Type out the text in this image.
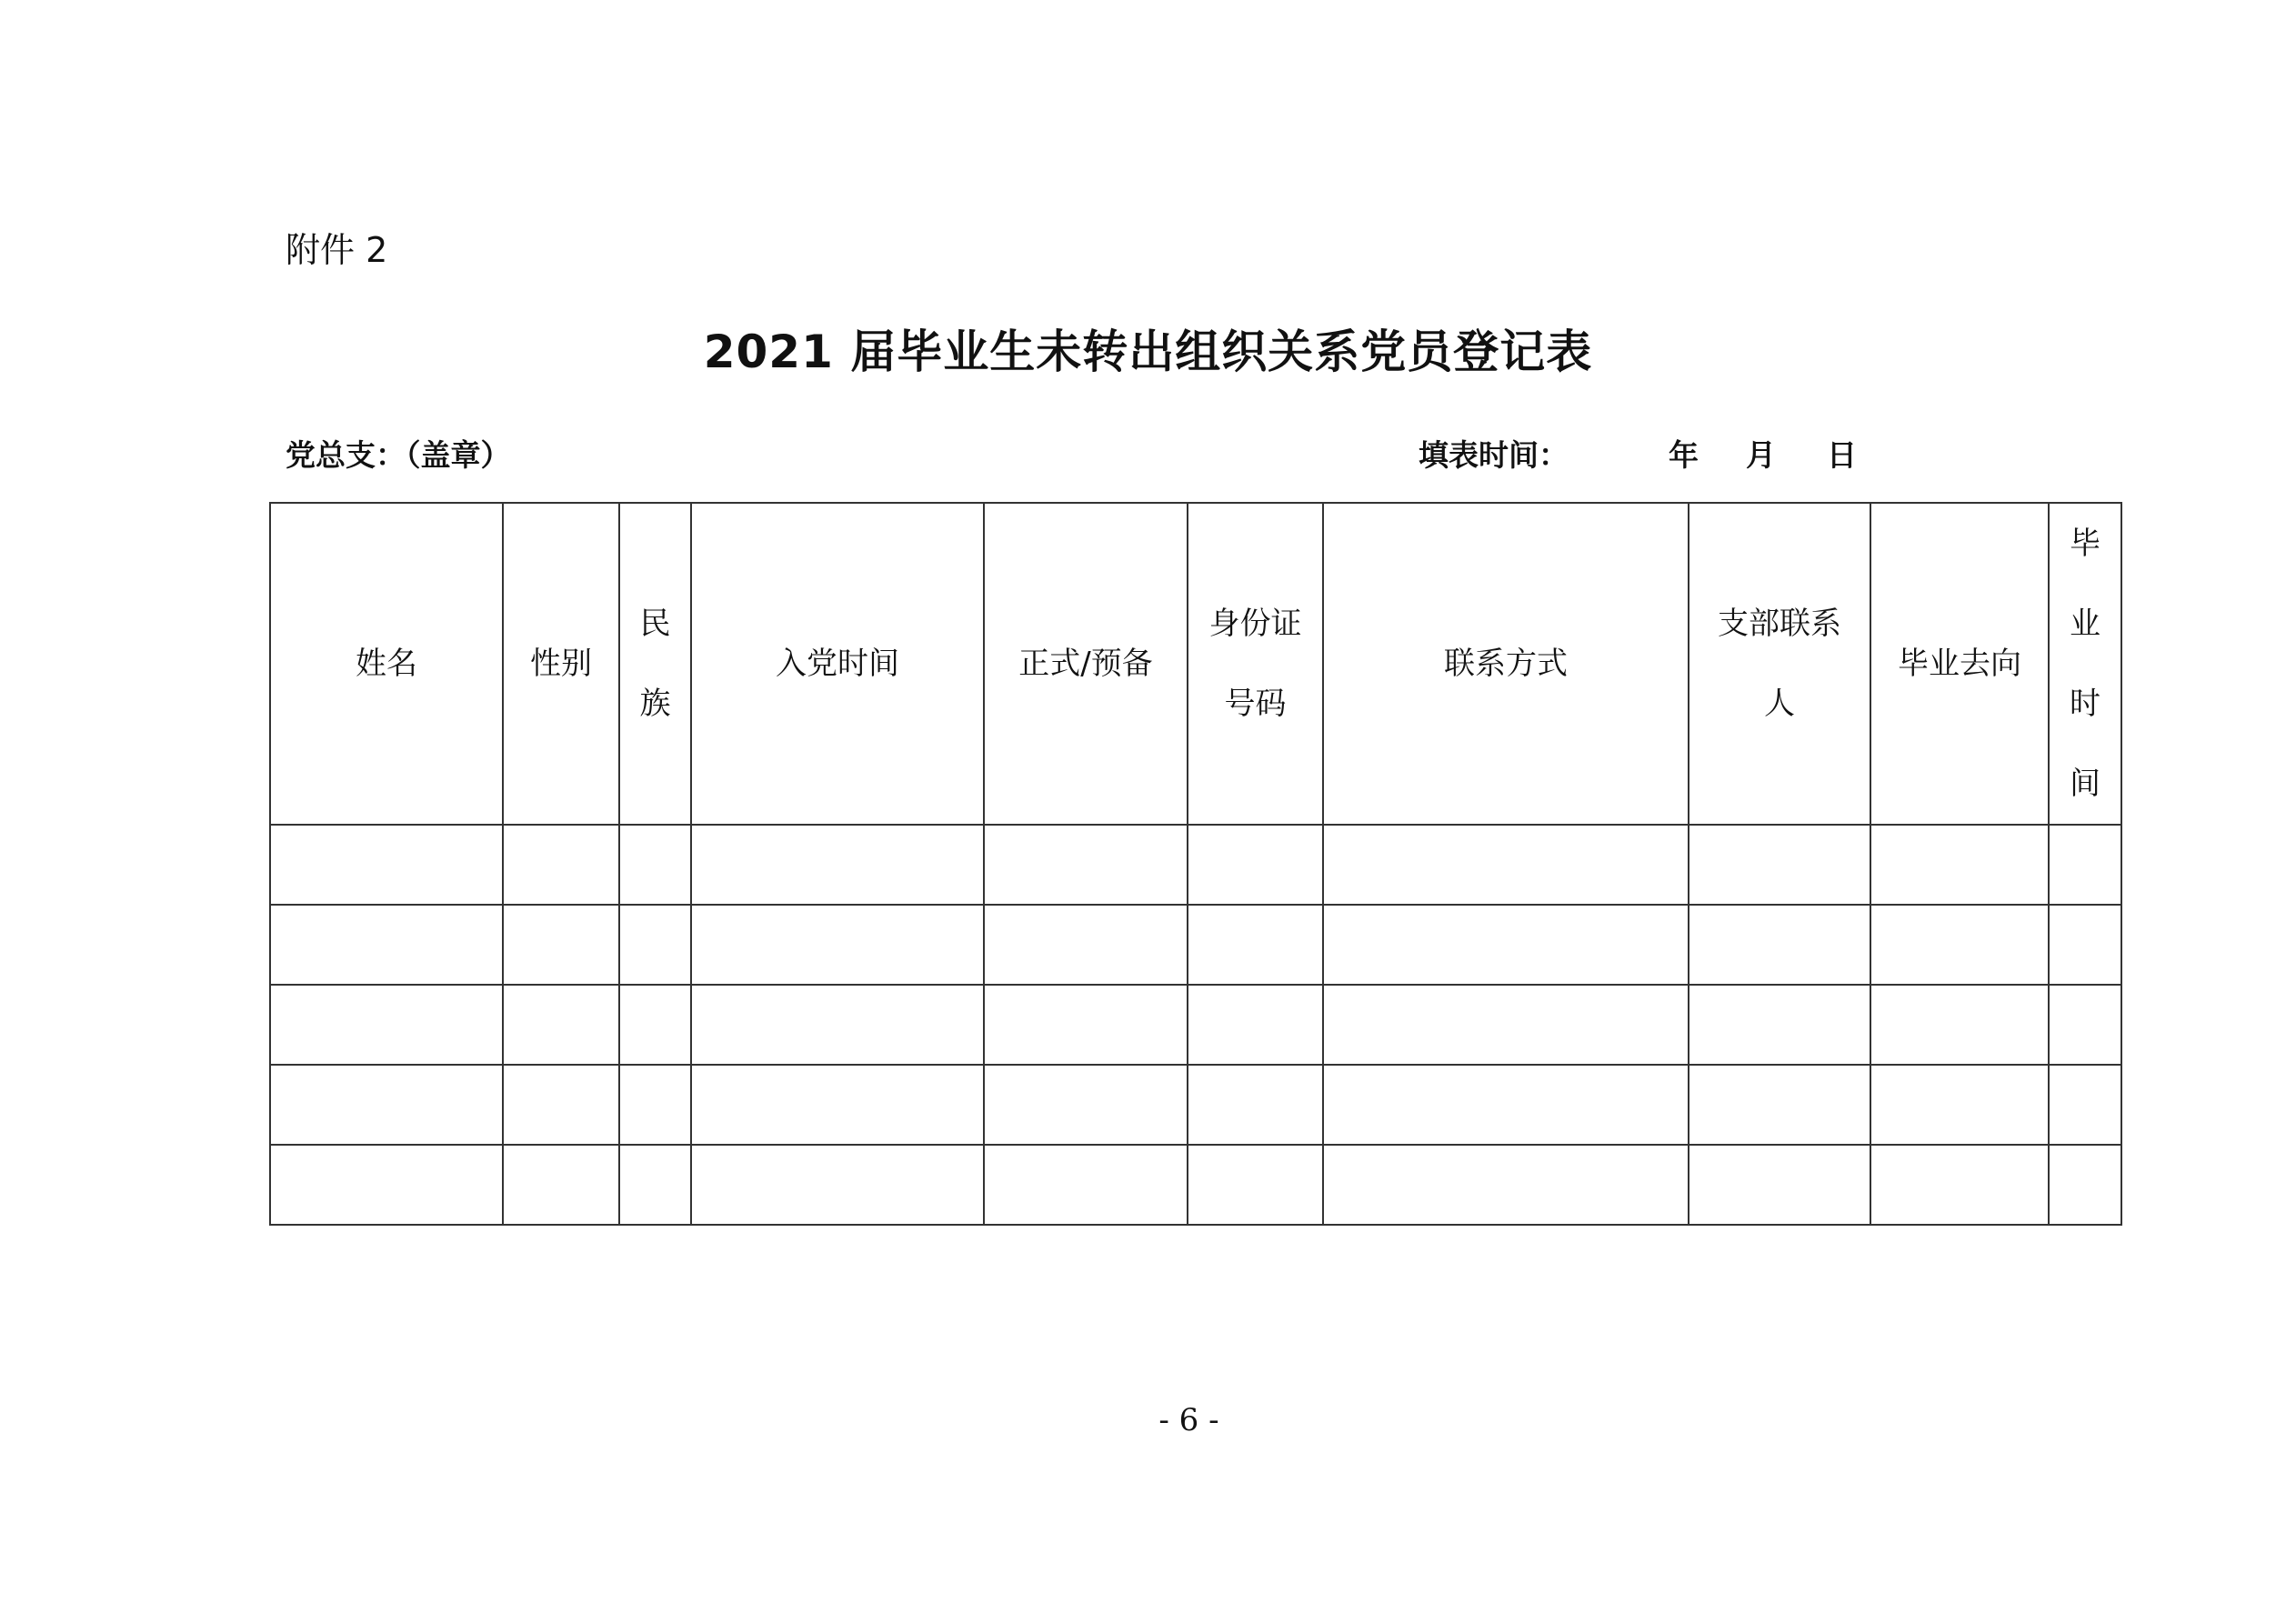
附件 2
2021 届毕业生未转出组织关系党员登记表
党总支：（盖章）	填表时间：	年 月 日
姓名	性别	民族	入党时间	正式/预备	身份证号码	联系方式	支部联系人	毕业去向	毕业时间

- 6 -
